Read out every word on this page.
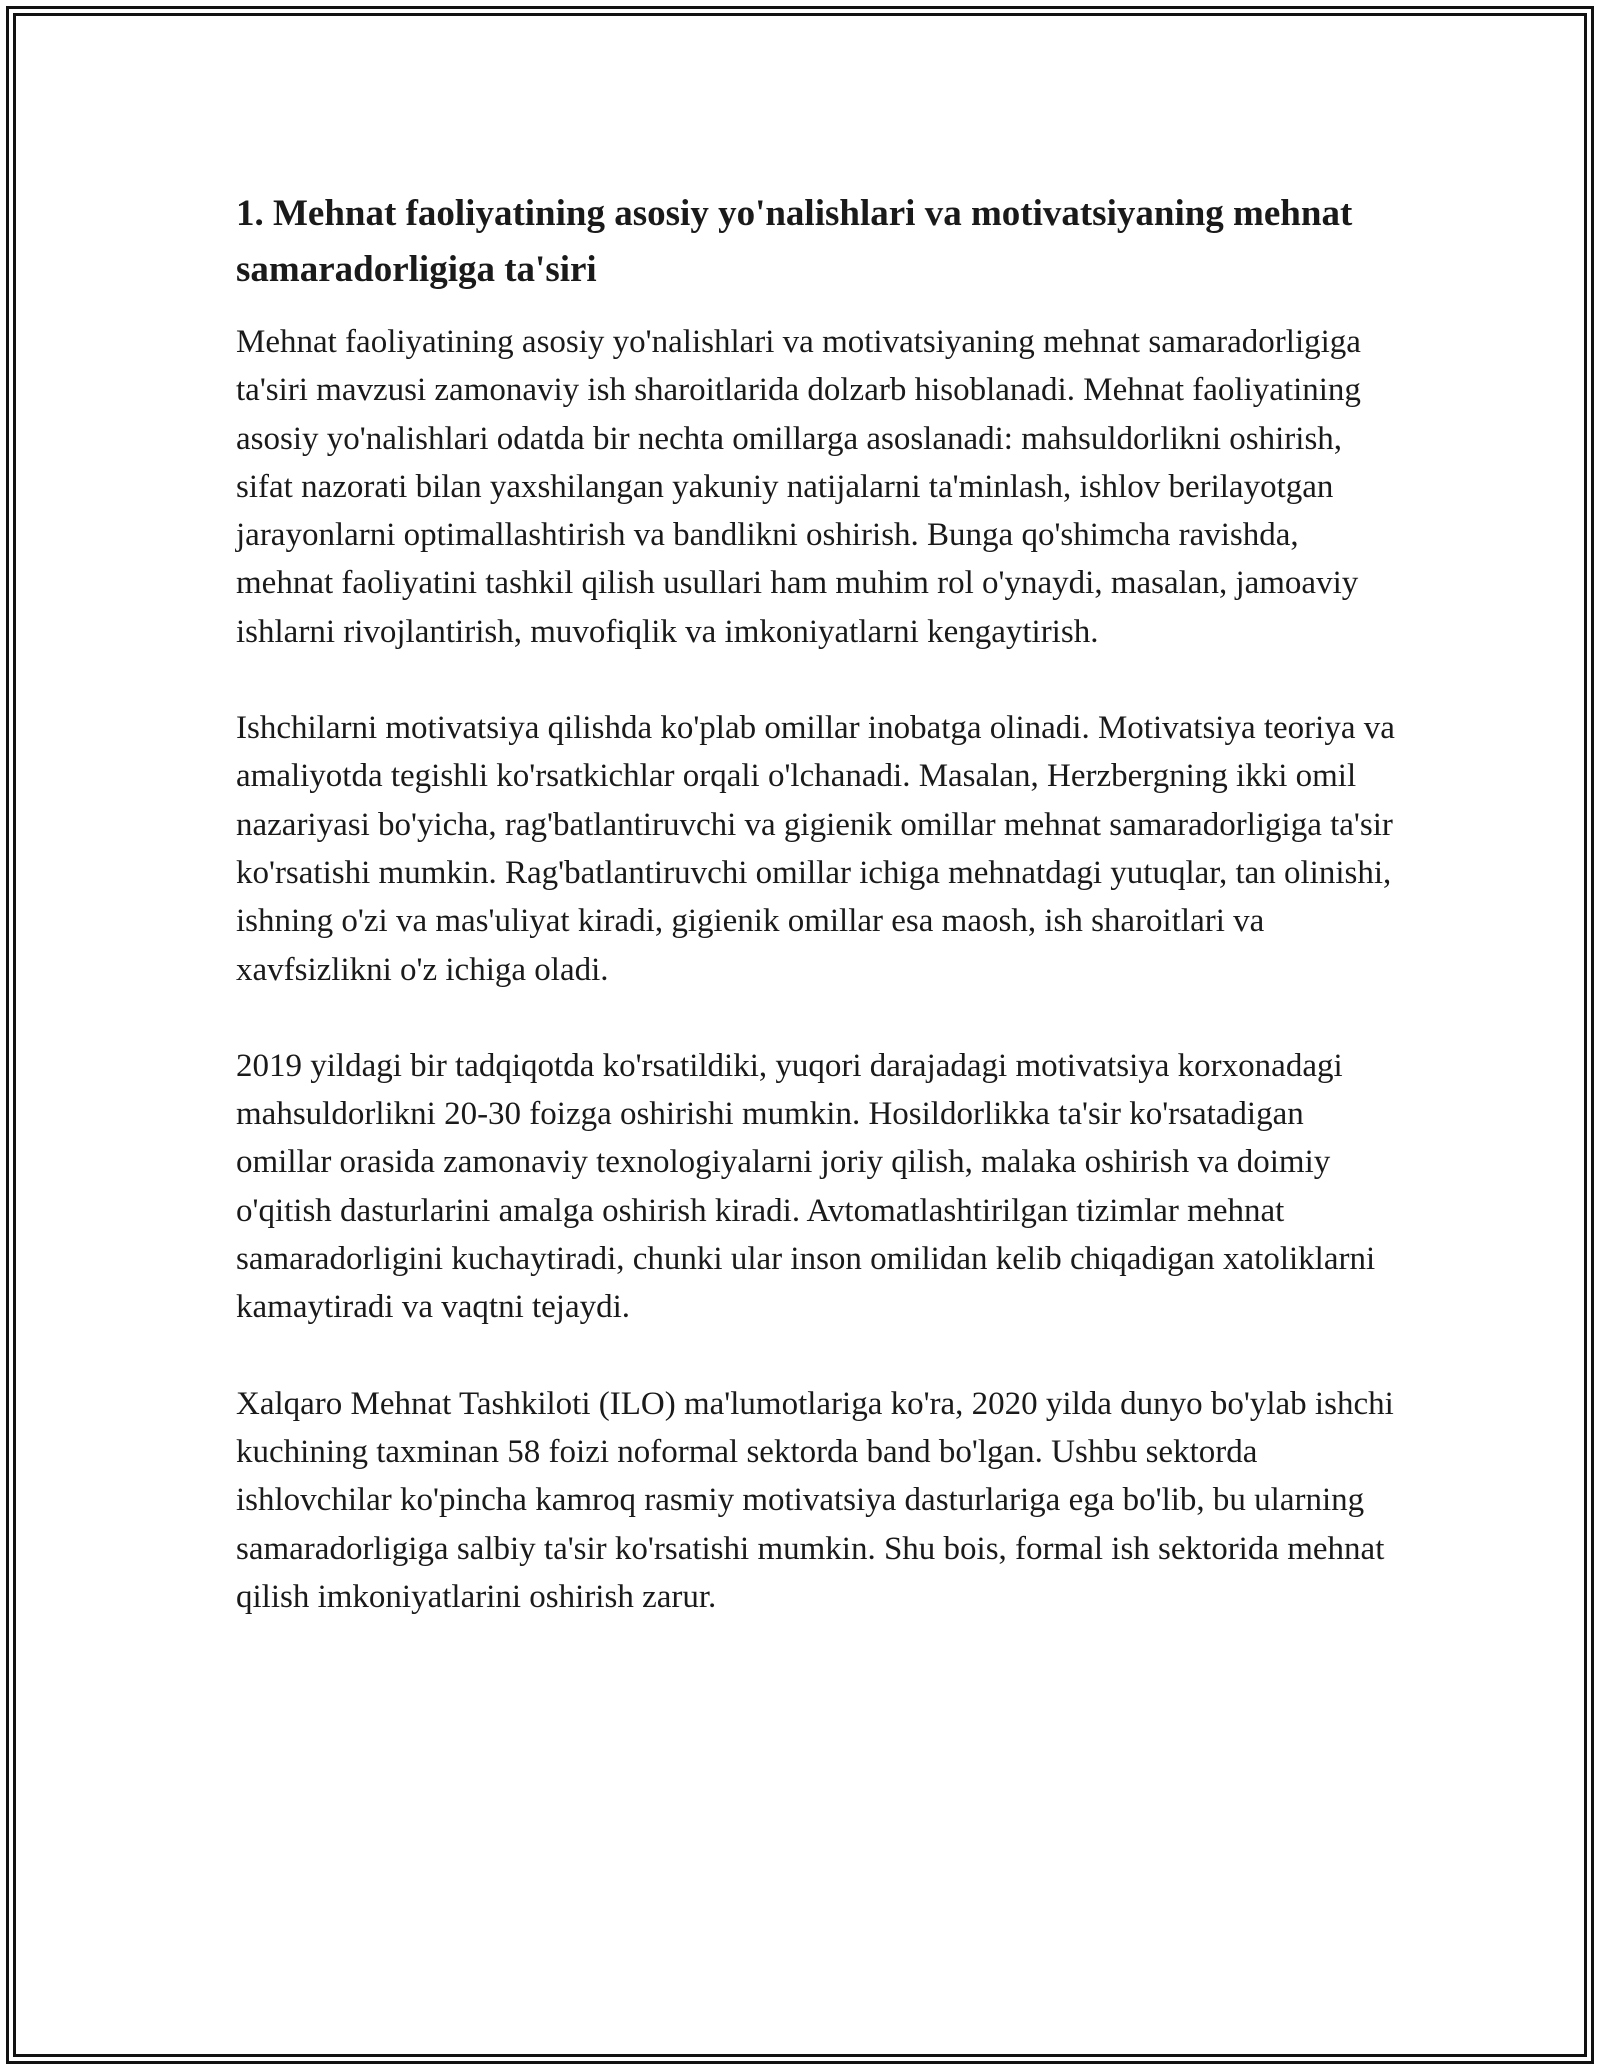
1. Mehnat faoliyatining asosiy yo'nalishlari va motivatsiyaning mehnat samaradorligiga ta'siri

Mehnat faoliyatining asosiy yo'nalishlari va motivatsiyaning mehnat samaradorligiga ta'siri mavzusi zamonaviy ish sharoitlarida dolzarb hisoblanadi. Mehnat faoliyatining asosiy yo'nalishlari odatda bir nechta omillarga asoslanadi: mahsuldorlikni oshirish, sifat nazorati bilan yaxshilangan yakuniy natijalarni ta'minlash, ishlov berilayotgan jarayonlarni optimallashtirish va bandlikni oshirish. Bunga qo'shimcha ravishda, mehnat faoliyatini tashkil qilish usullari ham muhim rol o'ynaydi, masalan, jamoaviy ishlarni rivojlantirish, muvofiqlik va imkoniyatlarni kengaytirish.

Ishchilarni motivatsiya qilishda ko'plab omillar inobatga olinadi. Motivatsiya teoriya va amaliyotda tegishli ko'rsatkichlar orqali o'lchanadi. Masalan, Herzbergning ikki omil nazariyasi bo'yicha, rag'batlantiruvchi va gigienik omillar mehnat samaradorligiga ta'sir ko'rsatishi mumkin. Rag'batlantiruvchi omillar ichiga mehnatdagi yutuqlar, tan olinishi, ishning o'zi va mas'uliyat kiradi, gigienik omillar esa maosh, ish sharoitlari va xavfsizlikni o'z ichiga oladi.

2019 yildagi bir tadqiqotda ko'rsatildiki, yuqori darajadagi motivatsiya korxonadagi mahsuldorlikni 20-30 foizga oshirishi mumkin. Hosildorlikka ta'sir ko'rsatadigan omillar orasida zamonaviy texnologiyalarni joriy qilish, malaka oshirish va doimiy o'qitish dasturlarini amalga oshirish kiradi. Avtomatlashtirilgan tizimlar mehnat samaradorligini kuchaytiradi, chunki ular inson omilidan kelib chiqadigan xatoliklarni kamaytiradi va vaqtni tejaydi.

Xalqaro Mehnat Tashkiloti (ILO) ma'lumotlariga ko'ra, 2020 yilda dunyo bo'ylab ishchi kuchining taxminan 58 foizi noformal sektorda band bo'lgan. Ushbu sektorda ishlovchilar ko'pincha kamroq rasmiy motivatsiya dasturlariga ega bo'lib, bu ularning samaradorligiga salbiy ta'sir ko'rsatishi mumkin. Shu bois, formal ish sektorida mehnat qilish imkoniyatlarini oshirish zarur.
